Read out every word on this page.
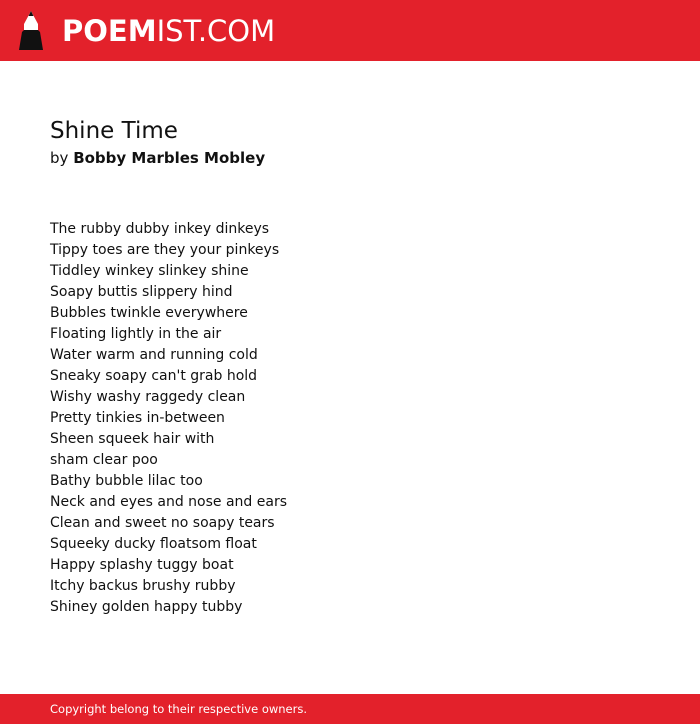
POEMIST.COM
Shine Time
by Bobby Marbles Mobley
The rubby dubby inkey dinkeys
Tippy toes are they your pinkeys
Tiddley winkey slinkey shine
Soapy buttis slippery hind
Bubbles twinkle everywhere
Floating lightly in the air
Water warm and running cold
Sneaky soapy can't grab hold
Wishy washy raggedy clean
Pretty tinkies in-between
Sheen squeek hair with
sham clear poo
Bathy bubble lilac too
Neck and eyes and nose and ears
Clean and sweet no soapy tears
Squeeky ducky floatsom float
Happy splashy tuggy boat
Itchy backus brushy rubby
Shiney golden happy tubby
Copyright belong to their respective owners.
